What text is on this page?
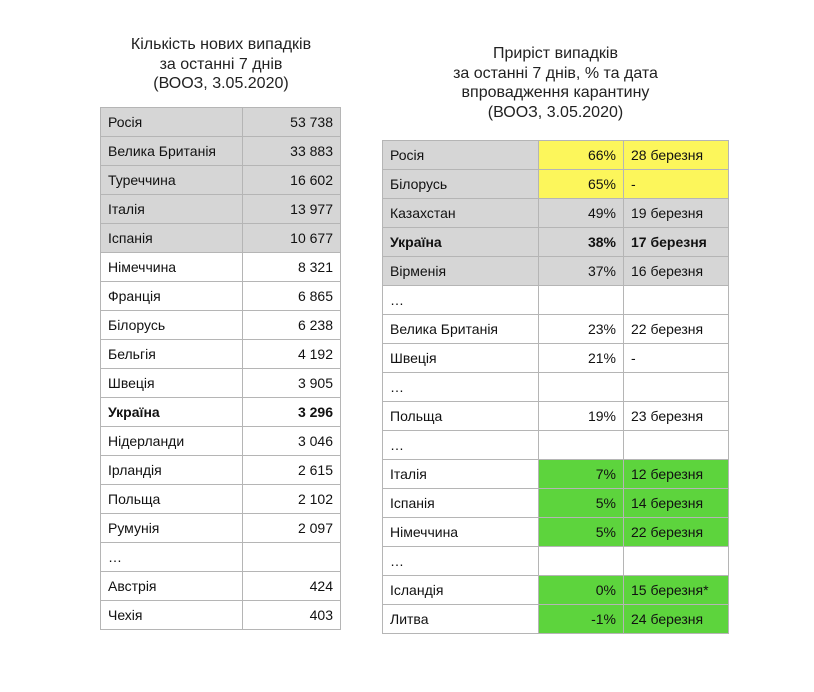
Кількість нових випадків
за останні 7 днів
(ВООЗ, 3.05.2020)
Росія	53 738
Велика Британія	33 883
Туреччина	16 602
Італія	13 977
Іспанія	10 677
Німеччина	8 321
Франція	6 865
Білорусь	6 238
Бельгія	4 192
Швеція	3 905
Україна	3 296
Нідерланди	3 046
Ірландія	2 615
Польща	2 102
Румунія	2 097
…	
Австрія	424
Чехія	403
Приріст випадків
за останні 7 днів, % та дата
впровадження карантину
(ВООЗ, 3.05.2020)
Росія	66%	28 березня
Білорусь	65%	-
Казахстан	49%	19 березня
Україна	38%	17 березня
Вірменія	37%	16 березня
…		
Велика Британія	23%	22 березня
Швеція	21%	-
…		
Польща	19%	23 березня
…		
Італія	7%	12 березня
Іспанія	5%	14 березня
Німеччина	5%	22 березня
…		
Ісландія	0%	15 березня*
Литва	-1%	24 березня
